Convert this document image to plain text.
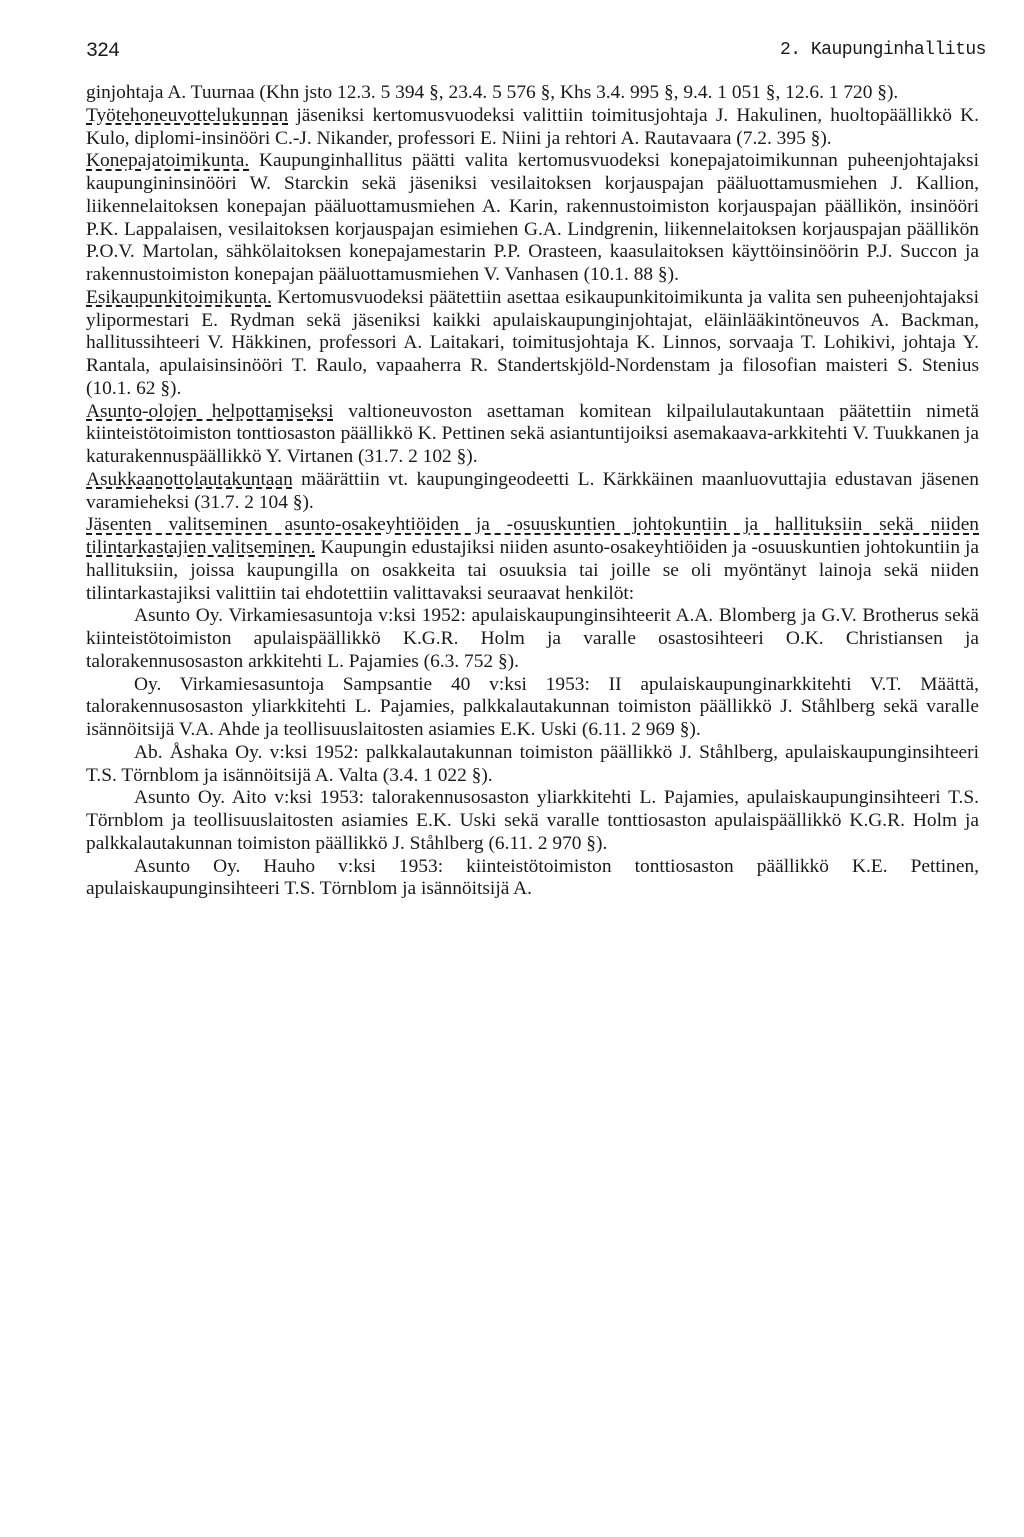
324	2. Kaupunginhallitus

ginjohtaja A. Tuurnaa (Khn jsto 12.3. 5 394 §, 23.4. 5 576 §, Khs 3.4. 995 §, 9.4. 1 051 §, 12.6. 1 720 §).

Työtehoneuvottelukunnan jäseniksi kertomusvuodeksi valittiin toimitusjohtaja J. Hakulinen, huoltopäällikkö K. Kulo, diplomi-insinööri C.-J. Nikander, professori E. Niini ja rehtori A. Rautavaara (7.2. 395 §).

Konepajatoimikunta. Kaupunginhallitus päätti valita kertomusvuodeksi konepajatoimikunnan puheenjohtajaksi kaupungininsinööri W. Starckin sekä jäseniksi vesilaitoksen korjauspajan pääluottamusmiehen J. Kallion, liikennelaitoksen konepajan pääluottamusmiehen A. Karin, rakennustoimiston korjauspajan päällikön, insinööri P.K. Lappalaisen, vesilaitoksen korjauspajan esimiehen G.A. Lindgrenin, liikennelaitoksen korjauspajan päällikön P.O.V. Martolan, sähkölaitoksen konepajamestarin P.P. Orasteen, kaasulaitoksen käyttöinsinöörin P.J. Succon ja rakennustoimiston konepajan pääluottamusmiehen V. Vanhasen (10.1. 88 §).

Esikaupunkitoimikunta. Kertomusvuodeksi päätettiin asettaa esikaupunkitoimikunta ja valita sen puheenjohtajaksi ylipormestari E. Rydman sekä jäseniksi kaikki apulaiskaupunginjohtajat, eläinlääkintöneuvos A. Backman, hallitussihteeri V. Häkkinen, professori A. Laitakari, toimitusjohtaja K. Linnos, sorvaaja T. Lohikivi, johtaja Y. Rantala, apulaisinsinööri T. Raulo, vapaaherra R. Standertskjöld-Nordenstam ja filosofian maisteri S. Stenius (10.1. 62 §).

Asunto-olojen helpottamiseksi valtioneuvoston asettaman komitean kilpailulautakuntaan päätettiin nimetä kiinteistötoimiston tonttiosaston päällikkö K. Pettinen sekä asiantuntijoiksi asemakaava-arkkitehti V. Tuukkanen ja katurakennuspäällikkö Y. Virtanen (31.7. 2 102 §).

Asukkaanottolautakuntaan määrättiin vt. kaupungingeodeetti L. Kärkkäinen maanluovuttajia edustavan jäsenen varamieheksi (31.7. 2 104 §).

Jäsenten valitseminen asunto-osakeyhtiöiden ja -osuuskuntien johtokuntiin ja hallituksiin sekä niiden tilintarkastajien valitseminen. Kaupungin edustajiksi niiden asunto-osakeyhtiöiden ja -osuuskuntien johtokuntiin ja hallituksiin, joissa kaupungilla on osakkeita tai osuuksia tai joille se oli myöntänyt lainoja sekä niiden tilintarkastajiksi valittiin tai ehdotettiin valittavaksi seuraavat henkilöt:

Asunto Oy. Virkamiesasuntoja v:ksi 1952: apulaiskaupunginsihteerit A.A. Blomberg ja G.V. Brotherus sekä kiinteistötoimiston apulaispäällikkö K.G.R. Holm ja varalle osastosihteeri O.K. Christiansen ja talorakennusosaston arkkitehti L. Pajamies (6.3. 752 §).

Oy. Virkamiesasuntoja Sampsantie 40 v:ksi 1953: II apulaiskaupunginarkkitehti V.T. Määttä, talorakennusosaston yliarkkitehti L. Pajamies, palkkalautakunnan toimiston päällikkö J. Ståhlberg sekä varalle isännöitsijä V.A. Ahde ja teollisuuslaitosten asiamies E.K. Uski (6.11. 2 969 §).

Ab. Åshaka Oy. v:ksi 1952: palkkalautakunnan toimiston päällikkö J. Ståhlberg, apulaiskaupunginsihteeri T.S. Törnblom ja isännöitsijä A. Valta (3.4. 1 022 §).

Asunto Oy. Aito v:ksi 1953: talorakennusosaston yliarkkitehti L. Pajamies, apulaiskaupunginsihteeri T.S. Törnblom ja teollisuuslaitosten asiamies E.K. Uski sekä varalle tonttiosaston apulaispäällikkö K.G.R. Holm ja palkkalautakunnan toimiston päällikkö J. Ståhlberg (6.11. 2 970 §).

Asunto Oy. Hauho v:ksi 1953: kiinteistötoimiston tonttiosaston päällikkö K.E. Pettinen, apulaiskaupunginsihteeri T.S. Törnblom ja isännöitsijä A.
